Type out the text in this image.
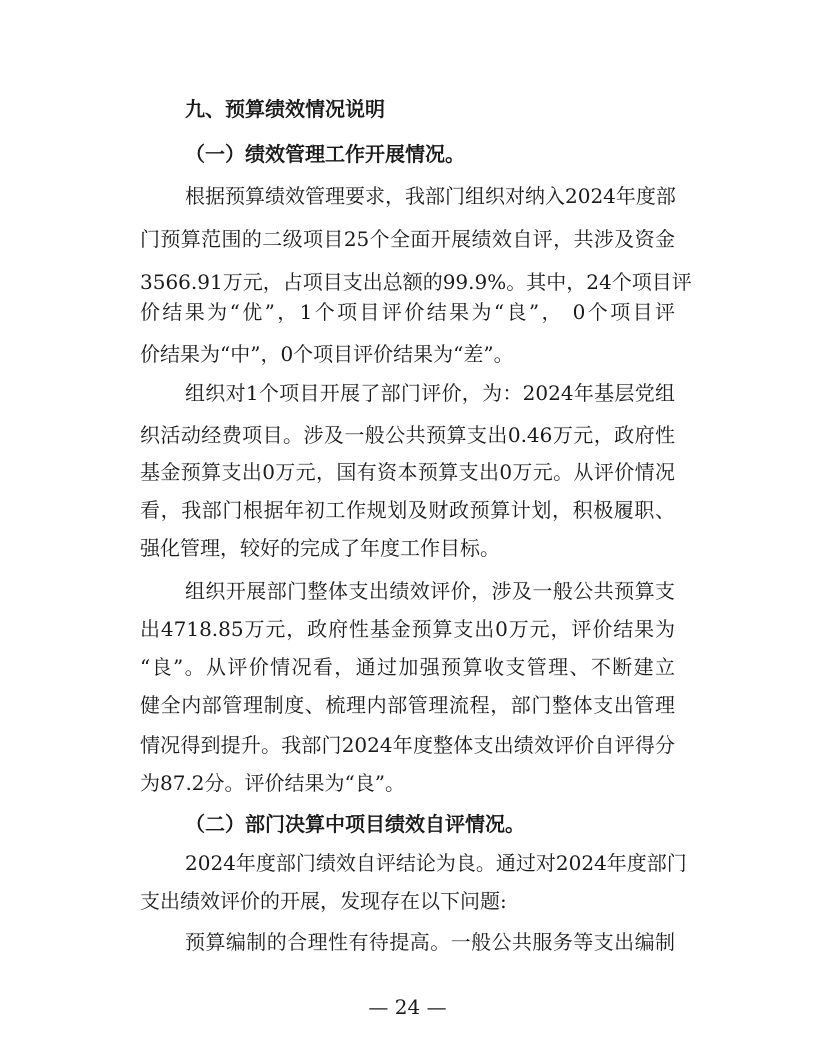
九、预算绩效情况说明
（一）绩效管理工作开展情况。
根据预算绩效管理要求，我部门组织对纳入2024年度部
门预算范围的二级项目25个全面开展绩效自评，共涉及资金
3566.91万元，占项目支出总额的99.9%。其中，24个项目评
价结果为“优”，1个项目评价结果为“良”， 0个项目评
价结果为“中”，0个项目评价结果为“差”。
组织对1个项目开展了部门评价，为：2024年基层党组
织活动经费项目。涉及一般公共预算支出0.46万元，政府性
基金预算支出0万元，国有资本预算支出0万元。从评价情况
看，我部门根据年初工作规划及财政预算计划，积极履职、
强化管理，较好的完成了年度工作目标。
组织开展部门整体支出绩效评价，涉及一般公共预算支
出4718.85万元，政府性基金预算支出0万元，评价结果为
“良”。从评价情况看，通过加强预算收支管理、不断建立
健全内部管理制度、梳理内部管理流程，部门整体支出管理
情况得到提升。我部门2024年度整体支出绩效评价自评得分
为87.2分。评价结果为“良”。
（二）部门决算中项目绩效自评情况。
2024年度部门绩效自评结论为良。通过对2024年度部门
支出绩效评价的开展，发现存在以下问题:
预算编制的合理性有待提高。一般公共服务等支出编制
— 24 —
